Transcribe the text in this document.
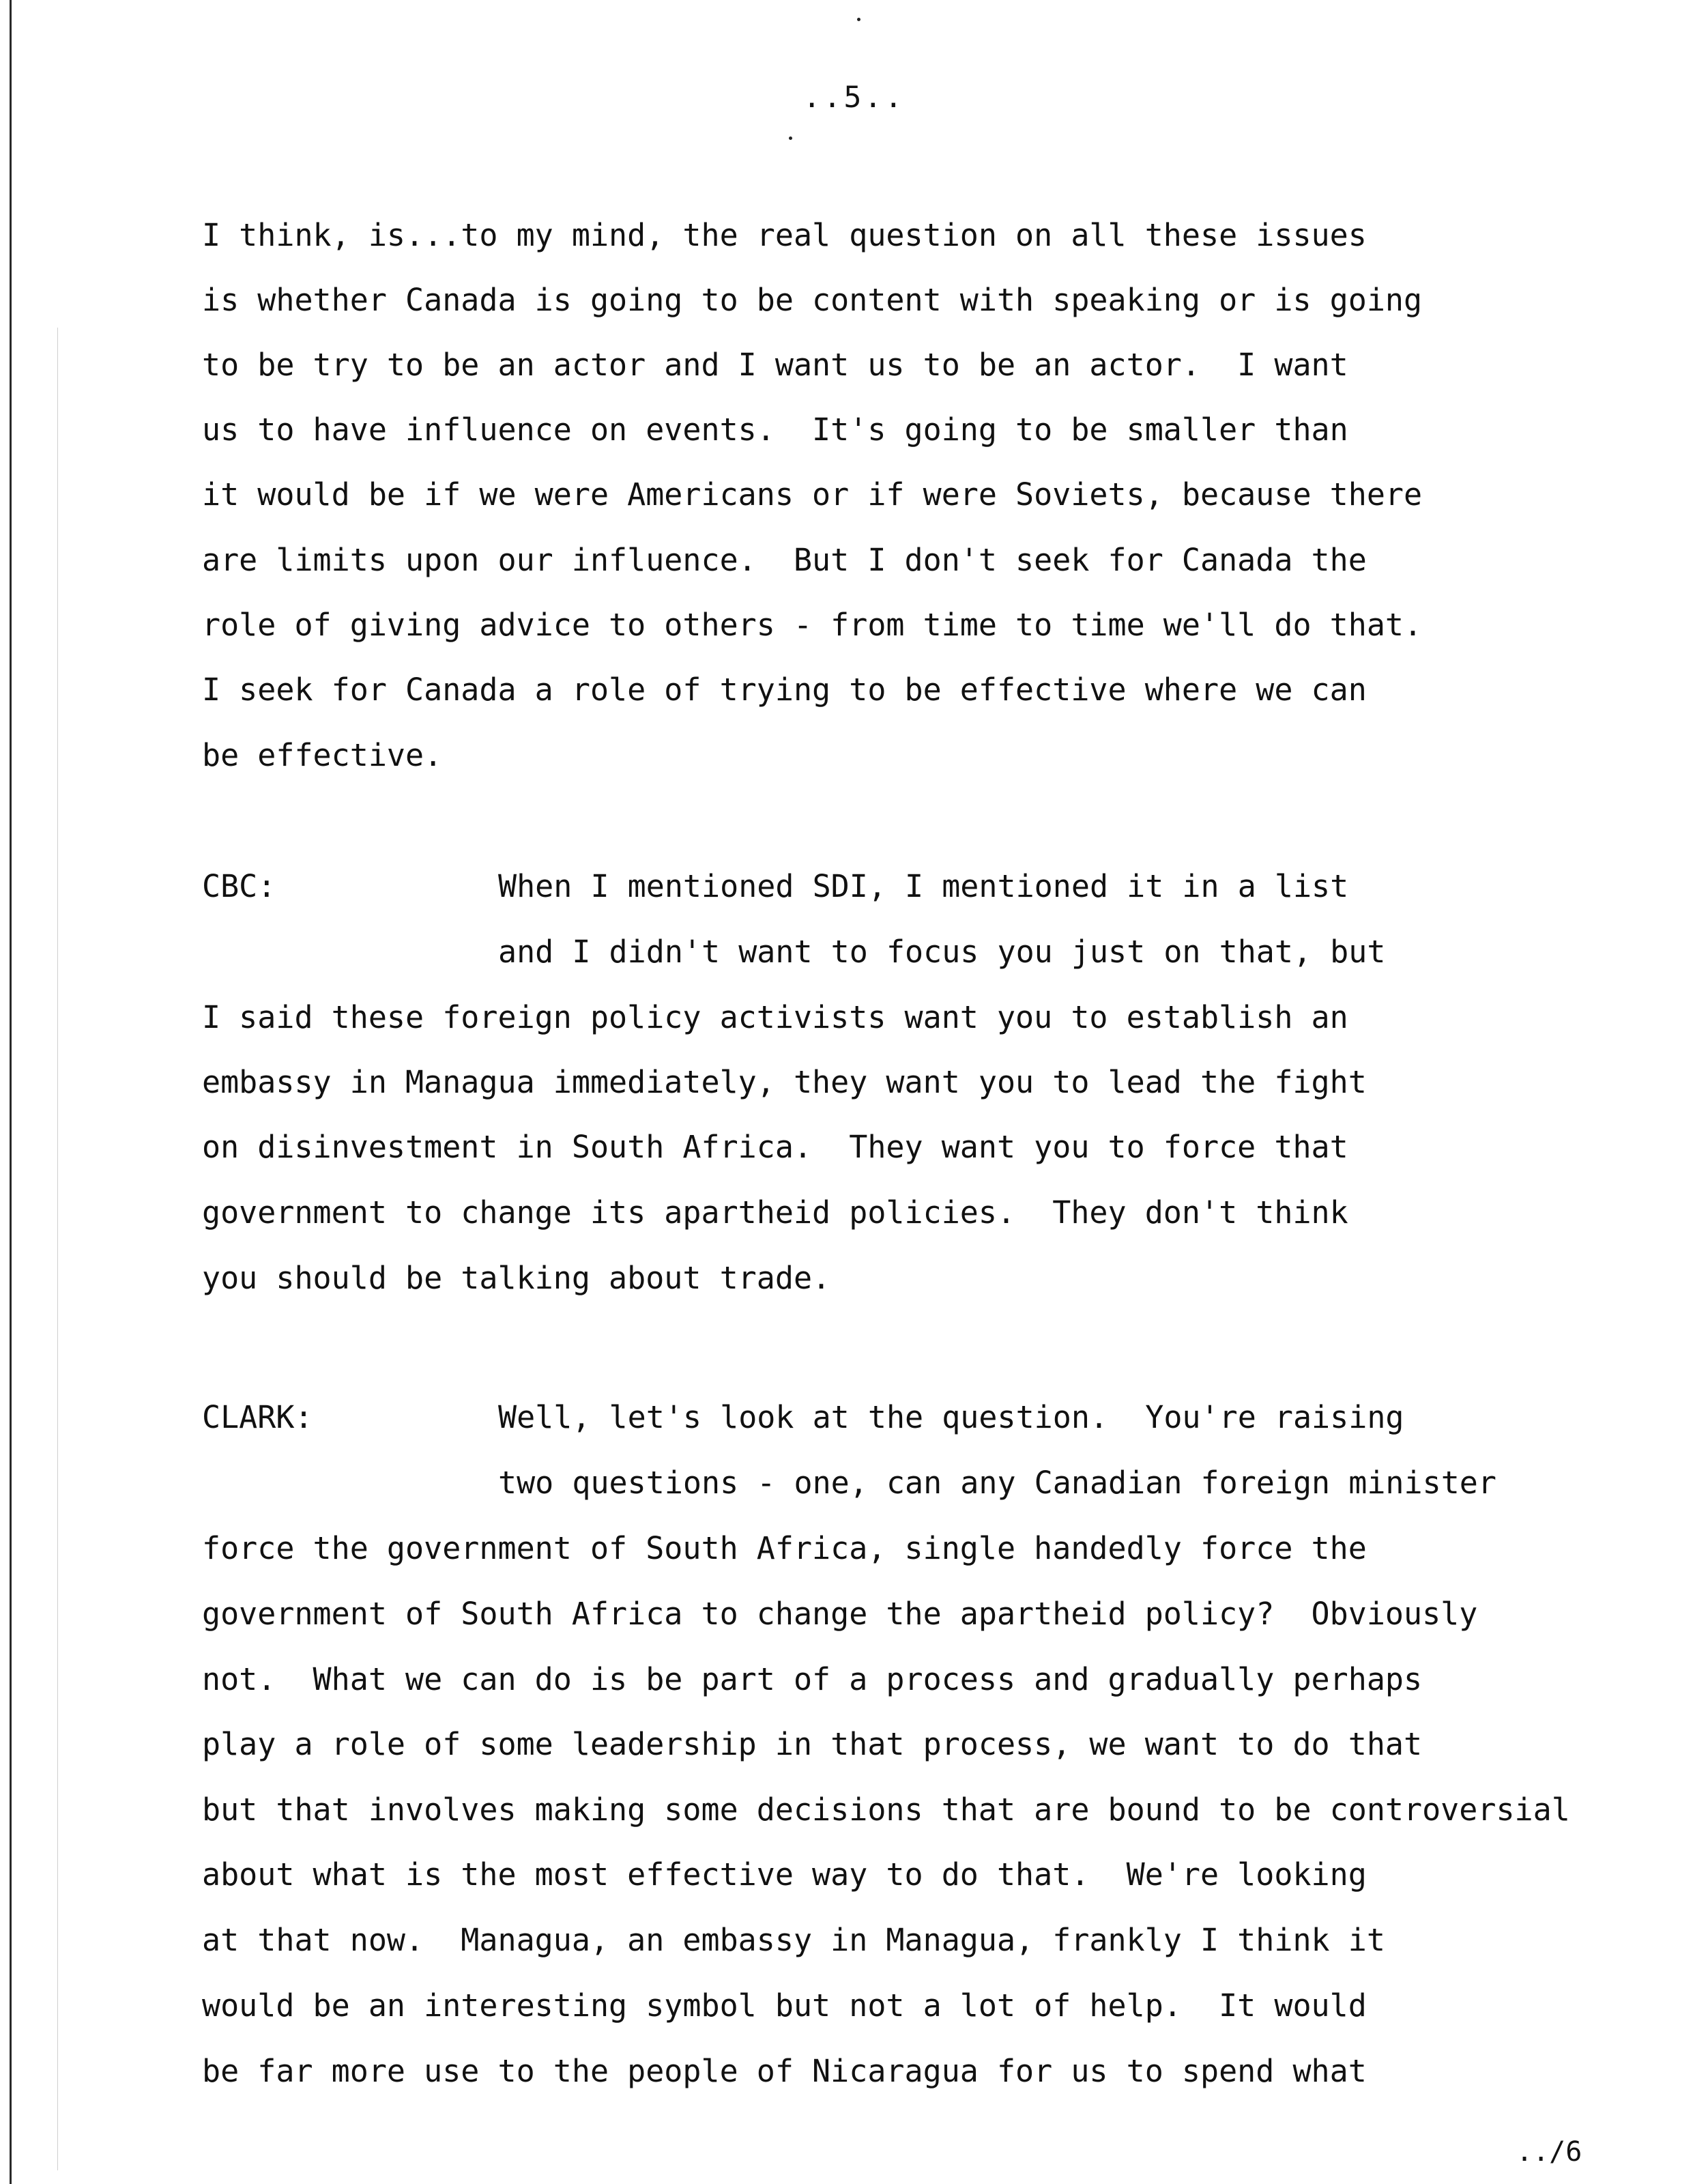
..5..
I think, is...to my mind, the real question on all these issues
is whether Canada is going to be content with speaking or is going
to be try to be an actor and I want us to be an actor.  I want
us to have influence on events.  It's going to be smaller than
it would be if we were Americans or if were Soviets, because there
are limits upon our influence.  But I don't seek for Canada the
role of giving advice to others - from time to time we'll do that.
I seek for Canada a role of trying to be effective where we can
be effective.
CBC:	When I mentioned SDI, I mentioned it in a list
and I didn't want to focus you just on that, but
I said these foreign policy activists want you to establish an
embassy in Managua immediately, they want you to lead the fight
on disinvestment in South Africa.  They want you to force that
government to change its apartheid policies.  They don't think
you should be talking about trade.
CLARK:	Well, let's look at the question.  You're raising
two questions - one, can any Canadian foreign minister
force the government of South Africa, single handedly force the
government of South Africa to change the apartheid policy?  Obviously
not.  What we can do is be part of a process and gradually perhaps
play a role of some leadership in that process, we want to do that
but that involves making some decisions that are bound to be controversial
about what is the most effective way to do that.  We're looking
at that now.  Managua, an embassy in Managua, frankly I think it
would be an interesting symbol but not a lot of help.  It would
be far more use to the people of Nicaragua for us to spend what
../6
